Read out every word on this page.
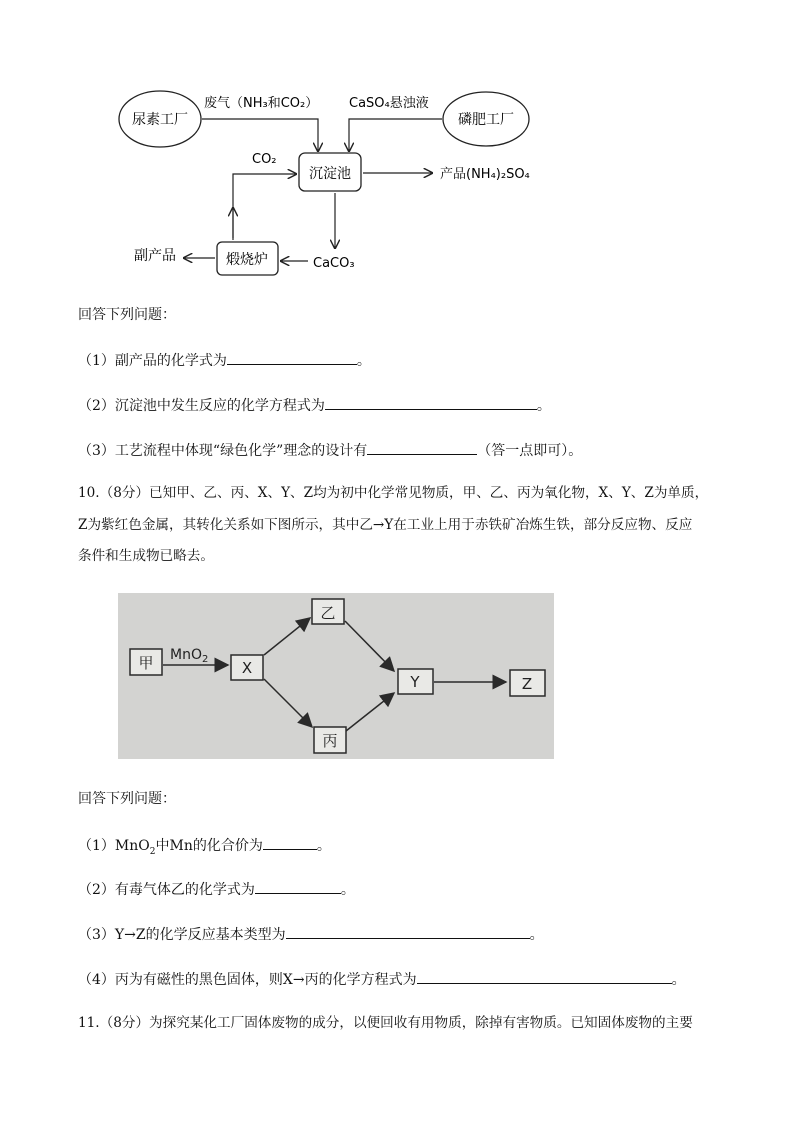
尿素工厂	磷肥工厂
废气（NH₃和CO₂） CaSO₄悬浊液
沉淀池	产品(NH₄)₂SO₄
CO₂
CaCO₃
煅烧炉
副产品
回答下列问题：
（1）副产品的化学式为	。
（2）沉淀池中发生反应的化学方程式为	。
（3）工艺流程中体现“绿色化学”理念的设计有	（答一点即可）。
10.（8分）已知甲、乙、丙、X、Y、Z均为初中化学常见物质，甲、乙、丙为氧化物，X、Y、Z为单质，
Z为紫红色金属，其转化关系如下图所示，其中乙→Y在工业上用于赤铁矿冶炼生铁，部分反应物、反应
条件和生成物已略去。
甲 MnO$_2$ X
乙
丙
Y	Z
回答下列问题：
（1）MnO$_2$中Mn的化合价为	。
（2）有毒气体乙的化学式为	。
（3）Y→Z的化学反应基本类型为	。
（4）丙为有磁性的黑色固体，则X→丙的化学方程式为	。
11.（8分）为探究某化工厂固体废物的成分，以便回收有用物质，除掉有害物质。已知固体废物的主要
